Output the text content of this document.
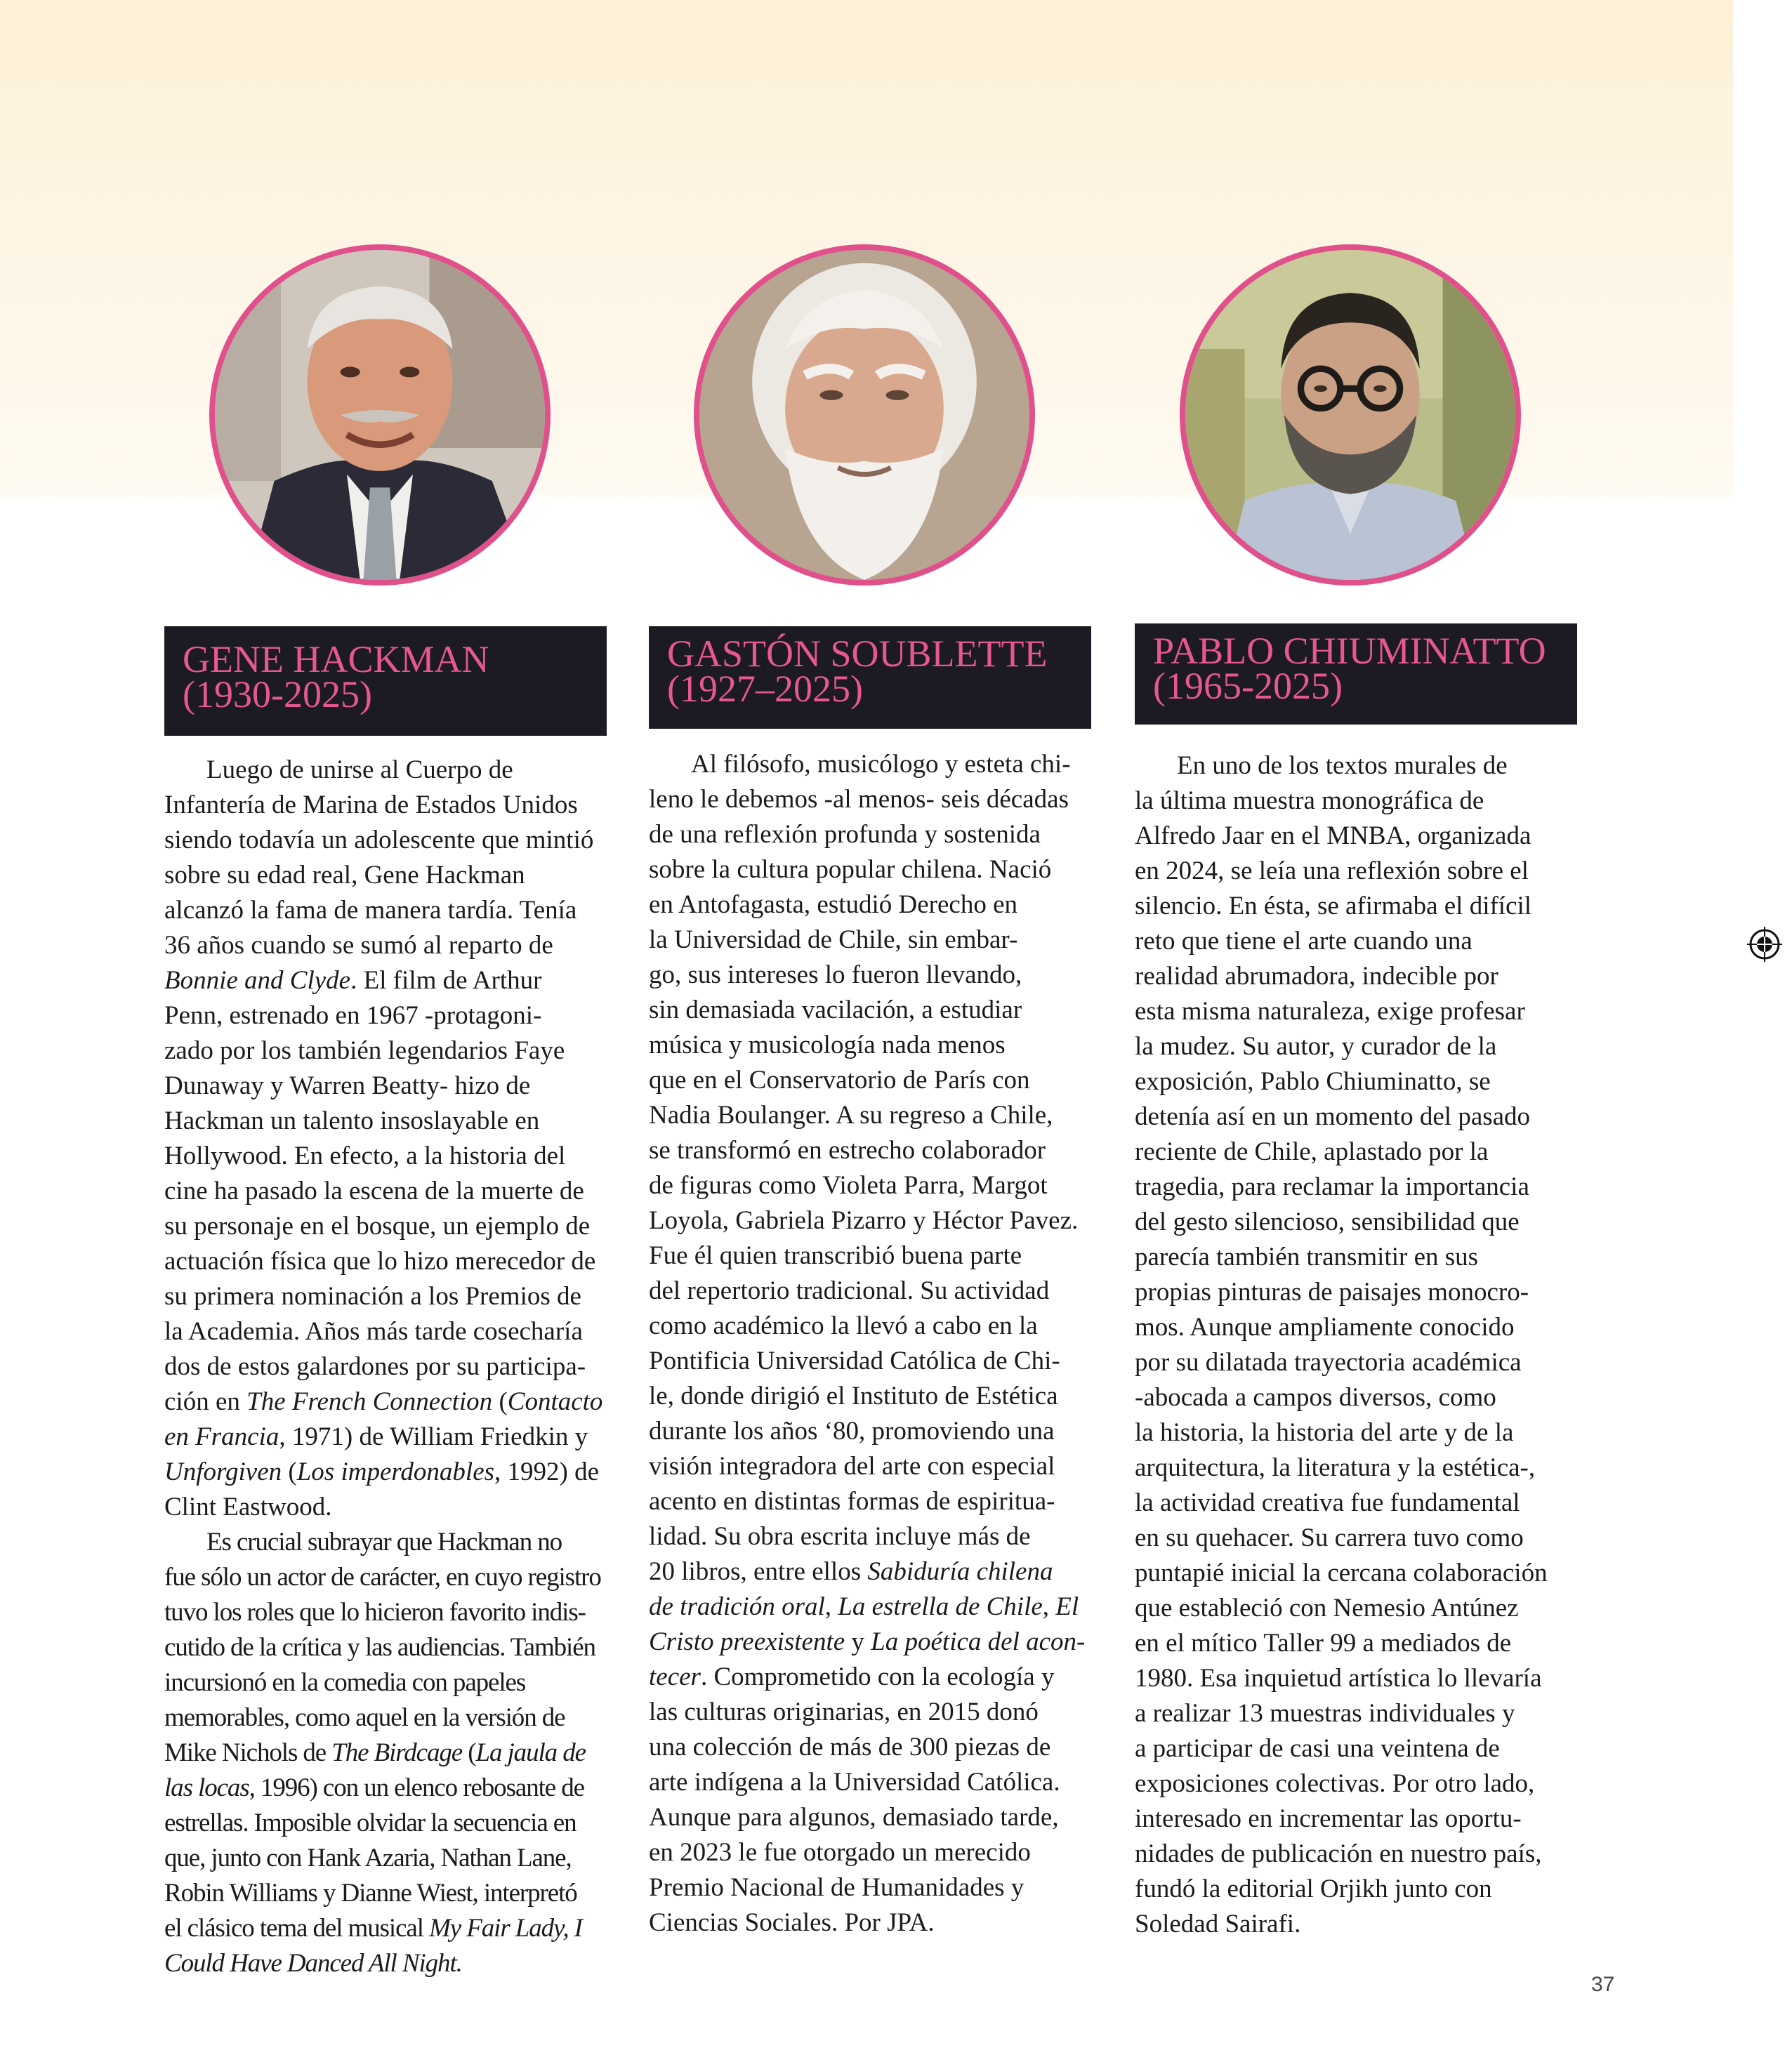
GENE HACKMAN
(1930-2025)
GASTÓN SOUBLETTE
(1927–2025)
PABLO CHIUMINATTO
(1965-2025)
Luego de unirse al Cuerpo de
Infantería de Marina de Estados Unidos
siendo todavía un adolescente que mintió
sobre su edad real, Gene Hackman
alcanzó la fama de manera tardía. Tenía
36 años cuando se sumó al reparto de
Bonnie and Clyde. El film de Arthur
Penn, estrenado en 1967 -protagoni-
zado por los también legendarios Faye
Dunaway y Warren Beatty- hizo de
Hackman un talento insoslayable en
Hollywood. En efecto, a la historia del
cine ha pasado la escena de la muerte de
su personaje en el bosque, un ejemplo de
actuación física que lo hizo merecedor de
su primera nominación a los Premios de
la Academia. Años más tarde cosecharía
dos de estos galardones por su participa-
ción en The French Connection (Contacto
en Francia, 1971) de William Friedkin y
Unforgiven (Los imperdonables, 1992) de
Clint Eastwood.
Es crucial subrayar que Hackman no
fue sólo un actor de carácter, en cuyo registro
tuvo los roles que lo hicieron favorito indis-
cutido de la crítica y las audiencias. También
incursionó en la comedia con papeles
memorables, como aquel en la versión de
Mike Nichols de The Birdcage (La jaula de
las locas, 1996) con un elenco rebosante de
estrellas. Imposible olvidar la secuencia en
que, junto con Hank Azaria, Nathan Lane,
Robin Williams y Dianne Wiest, interpretó
el clásico tema del musical My Fair Lady, I
Could Have Danced All Night.
Al filósofo, musicólogo y esteta chi-
leno le debemos -al menos- seis décadas
de una reflexión profunda y sostenida
sobre la cultura popular chilena. Nació
en Antofagasta, estudió Derecho en
la Universidad de Chile, sin embar-
go, sus intereses lo fueron llevando,
sin demasiada vacilación, a estudiar
música y musicología nada menos
que en el Conservatorio de París con
Nadia Boulanger. A su regreso a Chile,
se transformó en estrecho colaborador
de figuras como Violeta Parra, Margot
Loyola, Gabriela Pizarro y Héctor Pavez.
Fue él quien transcribió buena parte
del repertorio tradicional. Su actividad
como académico la llevó a cabo en la
Pontificia Universidad Católica de Chi-
le, donde dirigió el Instituto de Estética
durante los años ‘80, promoviendo una
visión integradora del arte con especial
acento en distintas formas de espiritua-
lidad. Su obra escrita incluye más de
20 libros, entre ellos Sabiduría chilena
de tradición oral, La estrella de Chile, El
Cristo preexistente y La poética del acon-
tecer. Comprometido con la ecología y
las culturas originarias, en 2015 donó
una colección de más de 300 piezas de
arte indígena a la Universidad Católica.
Aunque para algunos, demasiado tarde,
en 2023 le fue otorgado un merecido
Premio Nacional de Humanidades y
Ciencias Sociales. Por JPA.
En uno de los textos murales de
la última muestra monográfica de
Alfredo Jaar en el MNBA, organizada
en 2024, se leía una reflexión sobre el
silencio. En ésta, se afirmaba el difícil
reto que tiene el arte cuando una
realidad abrumadora, indecible por
esta misma naturaleza, exige profesar
la mudez. Su autor, y curador de la
exposición, Pablo Chiuminatto, se
detenía así en un momento del pasado
reciente de Chile, aplastado por la
tragedia, para reclamar la importancia
del gesto silencioso, sensibilidad que
parecía también transmitir en sus
propias pinturas de paisajes monocro-
mos. Aunque ampliamente conocido
por su dilatada trayectoria académica
-abocada a campos diversos, como
la historia, la historia del arte y de la
arquitectura, la literatura y la estética-,
la actividad creativa fue fundamental
en su quehacer. Su carrera tuvo como
puntapié inicial la cercana colaboración
que estableció con Nemesio Antúnez
en el mítico Taller 99 a mediados de
1980. Esa inquietud artística lo llevaría
a realizar 13 muestras individuales y
a participar de casi una veintena de
exposiciones colectivas. Por otro lado,
interesado en incrementar las oportu-
nidades de publicación en nuestro país,
fundó la editorial Orjikh junto con
Soledad Sairafi.
37
